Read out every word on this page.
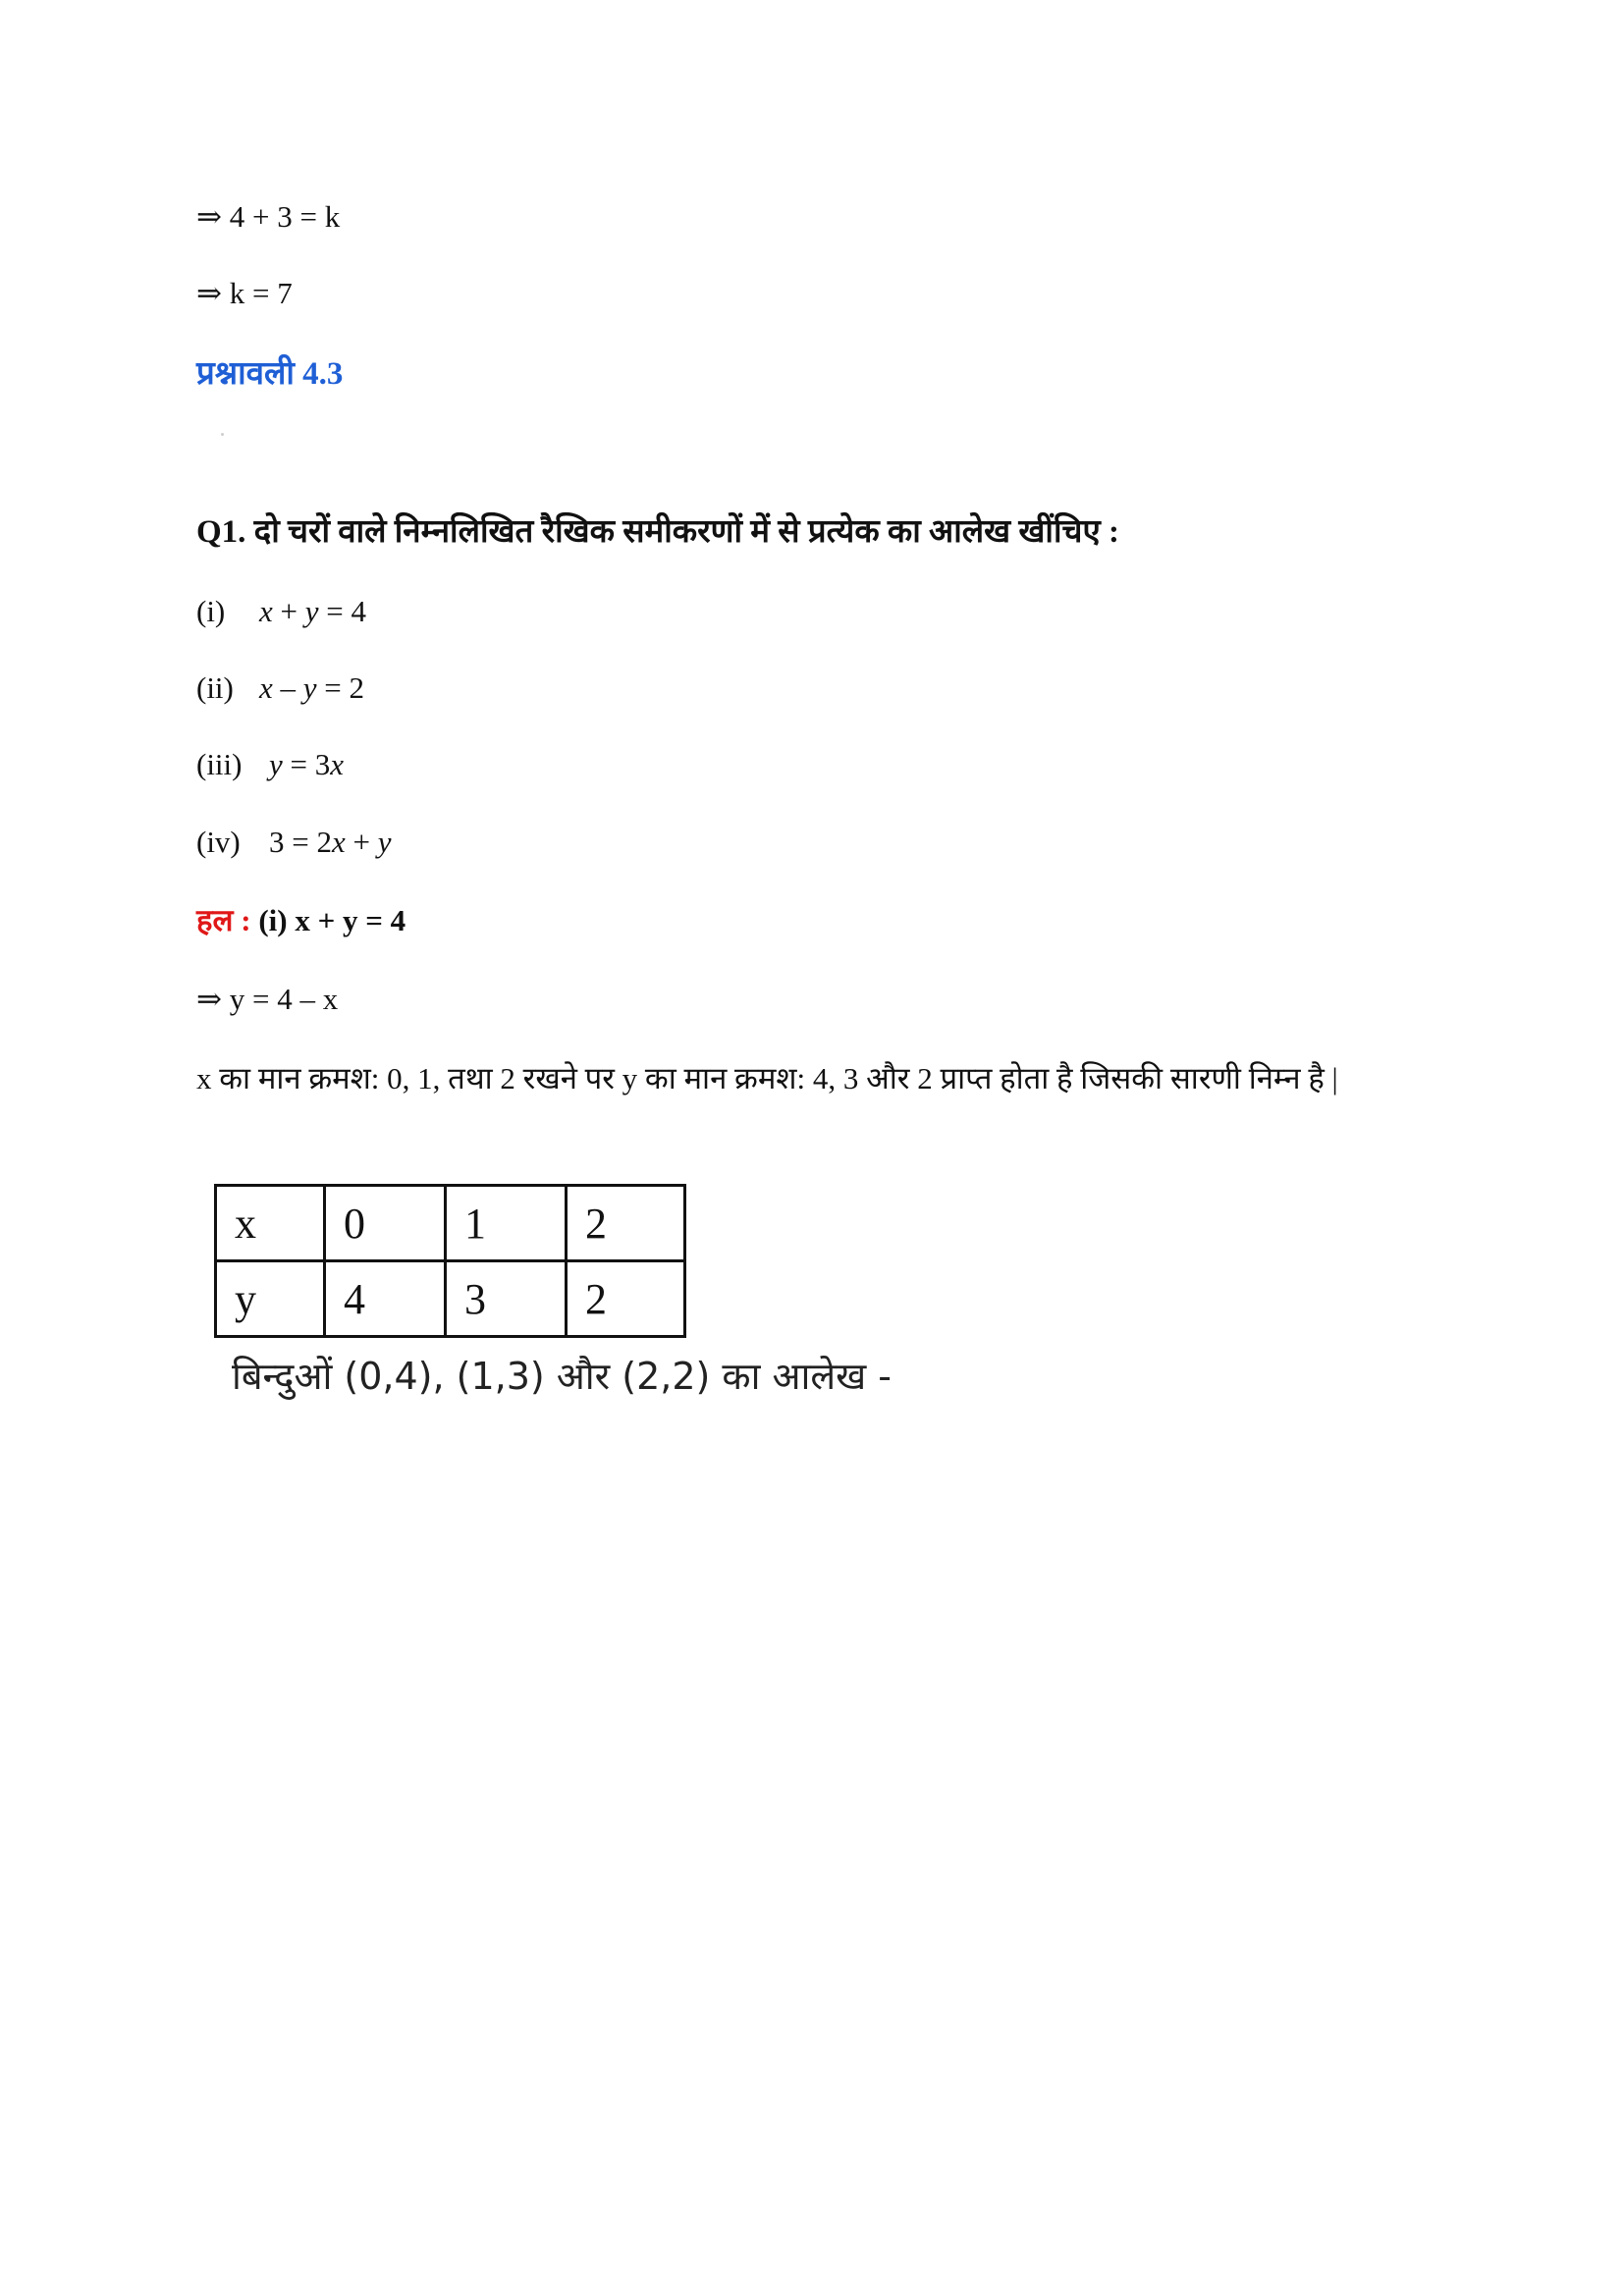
⇒ 4 + 3 = k
⇒ k = 7
प्रश्नावली 4.3
Q1. दो चरों वाले निम्नलिखित रैखिक समीकरणों में से प्रत्येक का आलेख खींचिए :
(i) x + y = 4
(ii) x – y = 2
(iii) y = 3x
(iv) 3 = 2x + y
हल : (i) x + y = 4
⇒ y = 4 – x
x का मान क्रमश: 0, 1, तथा 2 रखने पर y का मान क्रमश: 4, 3 और 2 प्राप्त होता है जिसकी सारणी निम्न है |
x	0	1	2
y	4	3	2
बिन्दुओं (0,4), (1,3) और (2,2) का आलेख -
